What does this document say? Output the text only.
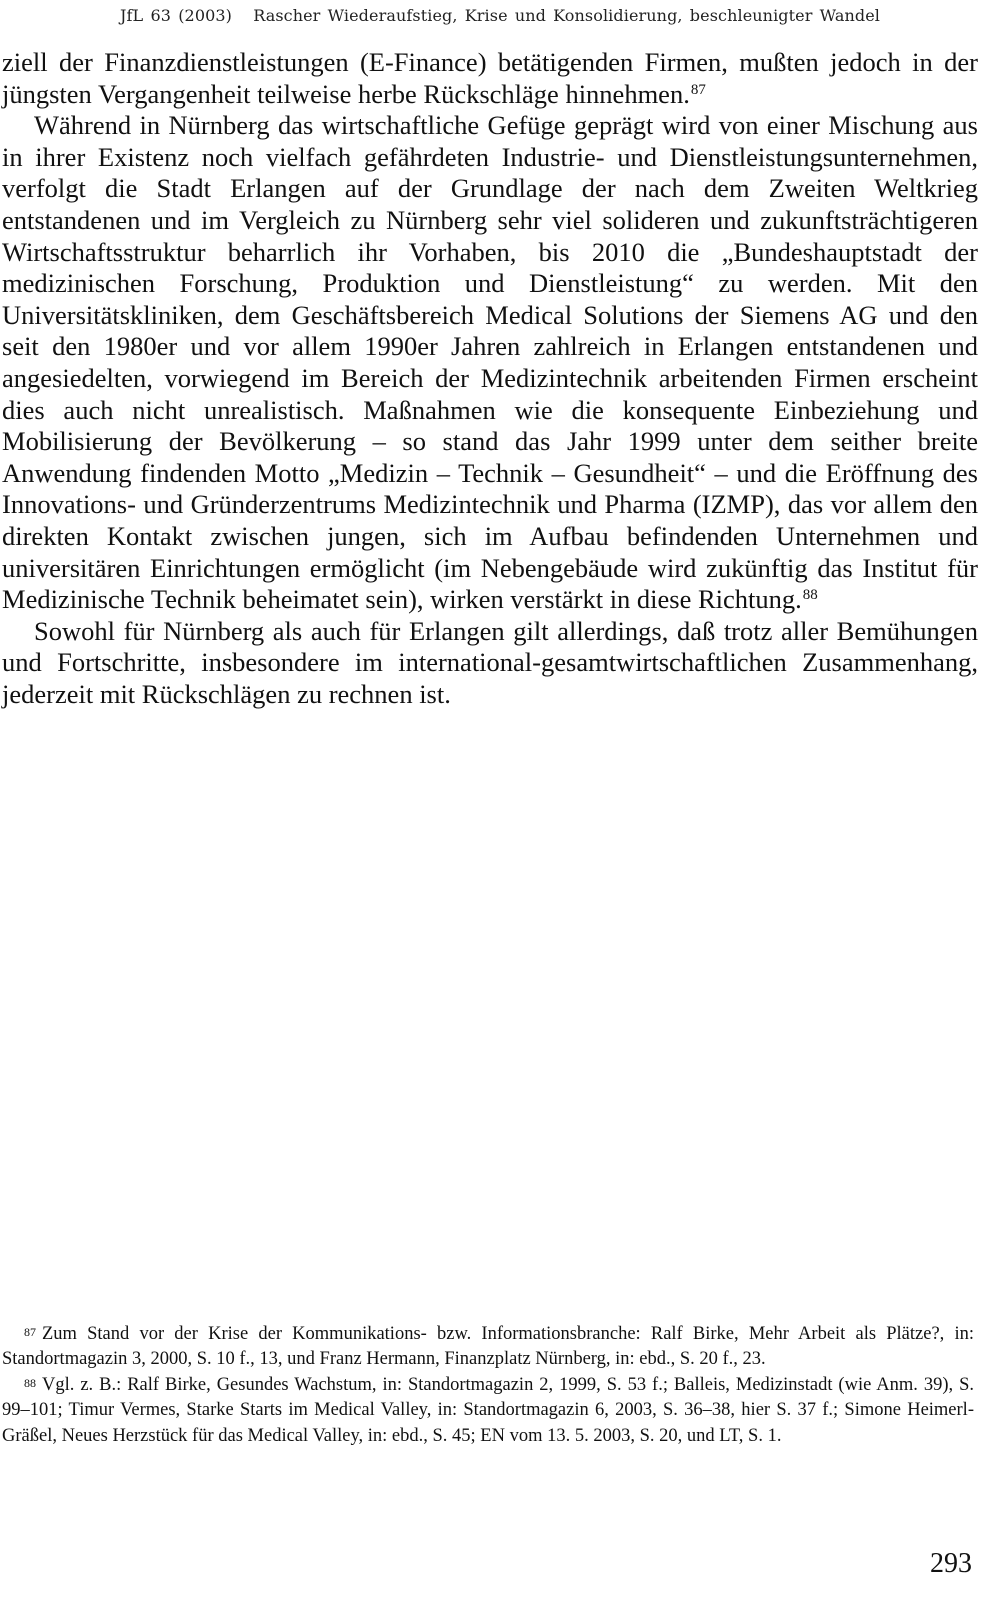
JfL 63 (2003) Rascher Wiederaufstieg, Krise und Konsolidierung, beschleunigter Wandel

ziell der Finanzdienstleistungen (E-Finance) betätigenden Firmen, mußten jedoch in der jüngsten Vergangenheit teilweise herbe Rückschläge hinnehmen.$^{87}$

Während in Nürnberg das wirtschaftliche Gefüge geprägt wird von einer Mischung aus in ihrer Existenz noch vielfach gefährdeten Industrie- und Dienstleistungsunternehmen, verfolgt die Stadt Erlangen auf der Grundlage der nach dem Zweiten Weltkrieg entstandenen und im Vergleich zu Nürnberg sehr viel solideren und zukunftsträchtigeren Wirtschaftsstruktur beharrlich ihr Vorhaben, bis 2010 die „Bundeshauptstadt der medizinischen Forschung, Produktion und Dienstleistung“ zu werden. Mit den Universitätskliniken, dem Geschäftsbereich Medical Solutions der Siemens AG und den seit den 1980er und vor allem 1990er Jahren zahlreich in Erlangen entstandenen und angesiedelten, vorwiegend im Bereich der Medizintechnik arbeitenden Firmen erscheint dies auch nicht unrealistisch. Maßnahmen wie die konsequente Einbeziehung und Mobilisierung der Bevölkerung – so stand das Jahr 1999 unter dem seither breite Anwendung findenden Motto „Medizin – Technik – Gesundheit“ – und die Eröffnung des Innovations- und Gründerzentrums Medizintechnik und Pharma (IZMP), das vor allem den direkten Kontakt zwischen jungen, sich im Aufbau befindenden Unternehmen und universitären Einrichtungen ermöglicht (im Nebengebäude wird zukünftig das Institut für Medizinische Technik beheimatet sein), wirken verstärkt in diese Richtung.$^{88}$

Sowohl für Nürnberg als auch für Erlangen gilt allerdings, daß trotz aller Bemühungen und Fortschritte, insbesondere im international-gesamtwirtschaftlichen Zusammenhang, jederzeit mit Rückschlägen zu rechnen ist.

$^{87}$ Zum Stand vor der Krise der Kommunikations- bzw. Informationsbranche: Ralf Birke, Mehr Arbeit als Plätze?, in: Standortmagazin 3, 2000, S. 10 f., 13, und Franz Hermann, Finanzplatz Nürnberg, in: ebd., S. 20 f., 23.

$^{88}$ Vgl. z. B.: Ralf Birke, Gesundes Wachstum, in: Standortmagazin 2, 1999, S. 53 f.; Balleis, Medizinstadt (wie Anm. 39), S. 99–101; Timur Vermes, Starke Starts im Medical Valley, in: Standortmagazin 6, 2003, S. 36–38, hier S. 37 f.; Simone Heimerl-Gräßel, Neues Herzstück für das Medical Valley, in: ebd., S. 45; EN vom 13. 5. 2003, S. 20, und LT, S. 1.

293
